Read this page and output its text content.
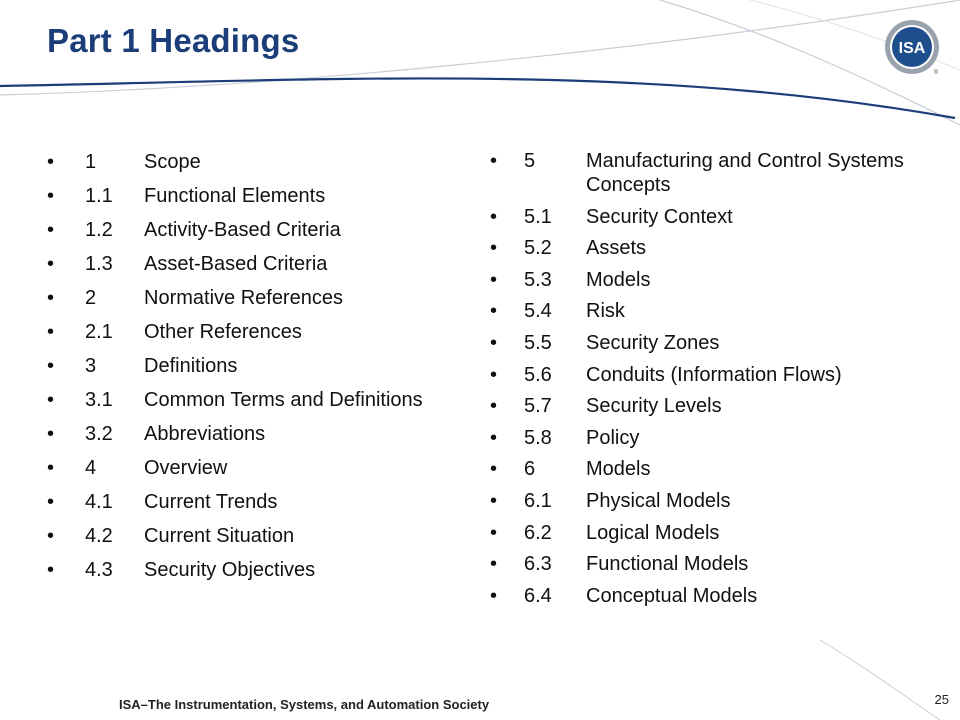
Part 1 Headings	ISA
®
•	1	Scope
•	1.1	Functional Elements
•	1.2	Activity-Based Criteria
•	1.3	Asset-Based Criteria
•	2	Normative References
•	2.1	Other References
•	3	Definitions
•	3.1	Common Terms and Definitions
•	3.2	Abbreviations
•	4	Overview
•	4.1	Current Trends
•	4.2	Current Situation
•	4.3	Security Objectives
•	5	Manufacturing and Control Systems Concepts
•	5.1	Security Context
•	5.2	Assets
•	5.3	Models
•	5.4	Risk
•	5.5	Security Zones
•	5.6	Conduits (Information Flows)
•	5.7	Security Levels
•	5.8	Policy
•	6	Models
•	6.1	Physical Models
•	6.2	Logical Models
•	6.3	Functional Models
•	6.4	Conceptual Models
ISA–The Instrumentation, Systems, and Automation Society	25
